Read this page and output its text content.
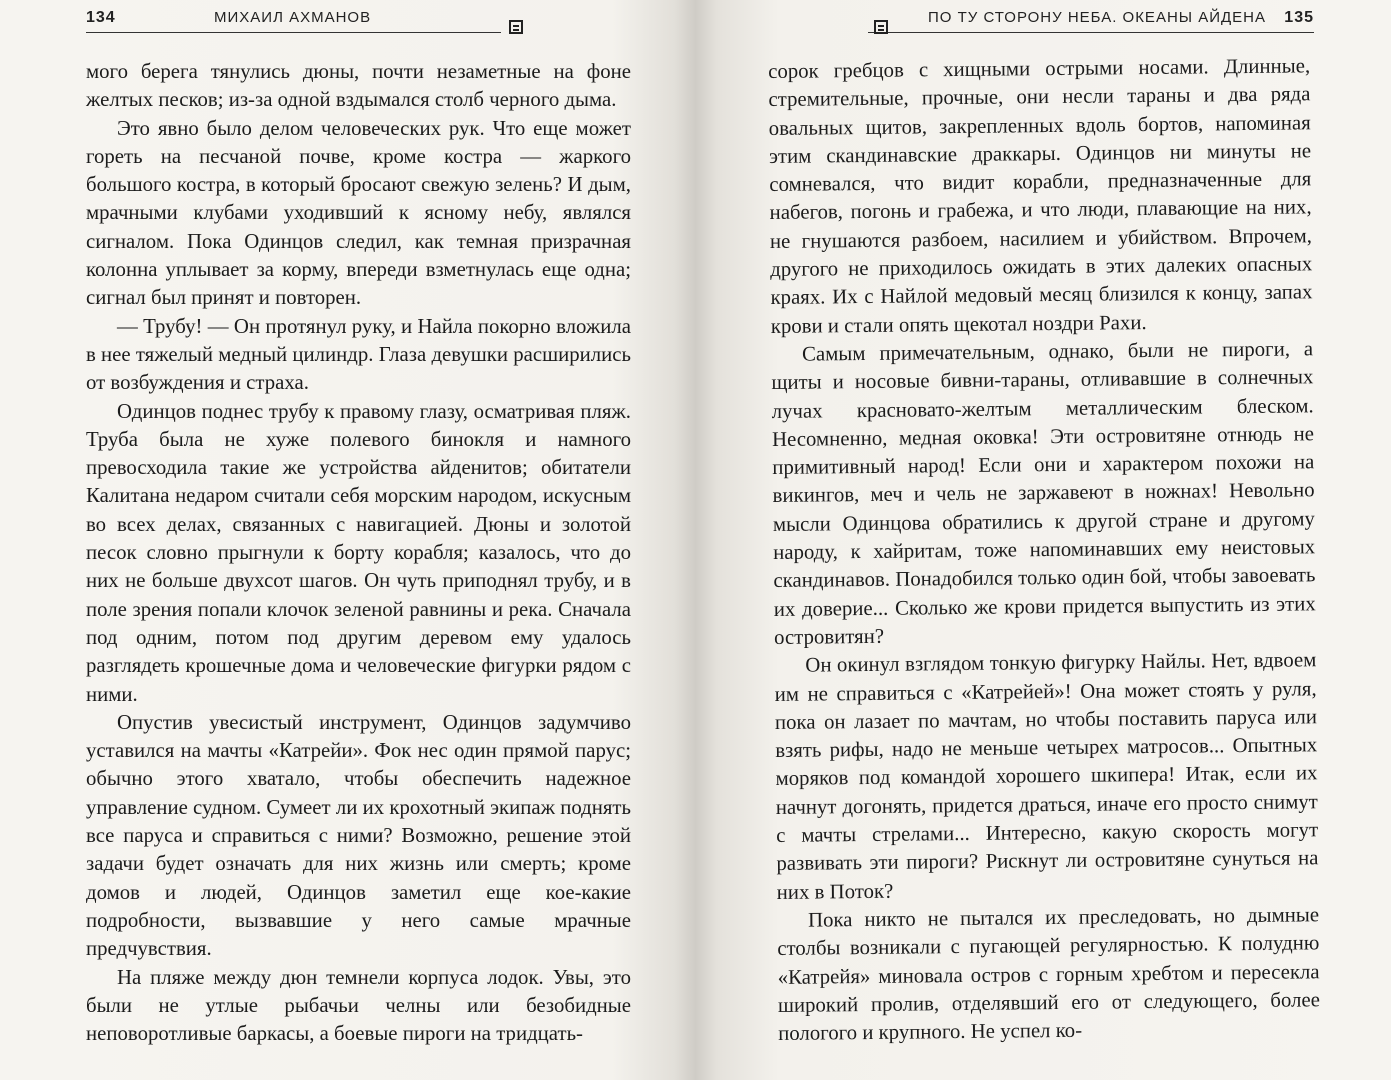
134	МИХАИЛ АХМАНОВ

мого берега тянулись дюны, почти незаметные на фоне желтых песков; из-за одной вздымался столб черного дыма.

Это явно было делом человеческих рук. Что еще может гореть на песчаной почве, кроме костра — жаркого большого костра, в который бросают свежую зелень? И дым, мрачными клубами уходивший к ясному небу, являлся сигналом. Пока Одинцов следил, как темная призрачная колонна уплывает за корму, впереди взметнулась еще одна; сигнал был принят и повторен.

— Трубу! — Он протянул руку, и Найла покорно вложила в нее тяжелый медный цилиндр. Глаза девушки расширились от возбуждения и страха.

Одинцов поднес трубу к правому глазу, осматривая пляж. Труба была не хуже полевого бинокля и намного превосходила такие же устройства айденитов; обитатели Калитана недаром считали себя морским народом, искусным во всех делах, связанных с навигацией. Дюны и золотой песок словно прыгнули к борту корабля; казалось, что до них не больше двухсот шагов. Он чуть приподнял трубу, и в поле зрения попали клочок зеленой равнины и река. Сначала под одним, потом под другим деревом ему удалось разглядеть крошечные дома и человеческие фигурки рядом с ними.

Опустив увесистый инструмент, Одинцов задумчиво уставился на мачты «Катрейи». Фок нес один прямой парус; обычно этого хватало, чтобы обеспечить надежное управление судном. Сумеет ли их крохотный экипаж поднять все паруса и справиться с ними? Возможно, решение этой задачи будет означать для них жизнь или смерть; кроме домов и людей, Одинцов заметил еще кое-какие подробности, вызвавшие у него самые мрачные предчувствия.

На пляже между дюн темнели корпуса лодок. Увы, это были не утлые рыбачьи челны или безобидные неповоротливые баркасы, а боевые пироги на тридцать-

ПО ТУ СТОРОНУ НЕБА. ОКЕАНЫ АЙДЕНА 135

сорок гребцов с хищными острыми носами. Длинные, стремительные, прочные, они несли тараны и два ряда овальных щитов, закрепленных вдоль бортов, напоминая этим скандинавские драккары. Одинцов ни минуты не сомневался, что видит корабли, предназначенные для набегов, погонь и грабежа, и что люди, плавающие на них, не гнушаются разбоем, насилием и убийством. Впрочем, другого не приходилось ожидать в этих далеких опасных краях. Их с Найлой медовый месяц близился к концу, запах крови и стали опять щекотал ноздри Рахи.

Самым примечательным, однако, были не пироги, а щиты и носовые бивни-тараны, отливавшие в солнечных лучах красновато-желтым металлическим блеском. Несомненно, медная оковка! Эти островитяне отнюдь не примитивный народ! Если они и характером похожи на викингов, меч и чель не заржавеют в ножнах! Невольно мысли Одинцова обратились к другой стране и другому народу, к хайритам, тоже напоминавших ему неистовых скандинавов. Понадобился только один бой, чтобы завоевать их доверие... Сколько же крови придется выпустить из этих островитян?

Он окинул взглядом тонкую фигурку Найлы. Нет, вдвоем им не справиться с «Катрейей»! Она может стоять у руля, пока он лазает по мачтам, но чтобы поставить паруса или взять рифы, надо не меньше четырех матросов... Опытных моряков под командой хорошего шкипера! Итак, если их начнут догонять, придется драться, иначе его просто снимут с мачты стрелами... Интересно, какую скорость могут развивать эти пироги? Рискнут ли островитяне сунуться на них в Поток?

Пока никто не пытался их преследовать, но дымные столбы возникали с пугающей регулярностью. К полудню «Катрейя» миновала остров с горным хребтом и пересекла широкий пролив, отделявший его от следующего, более пологого и крупного. Не успел ко-
